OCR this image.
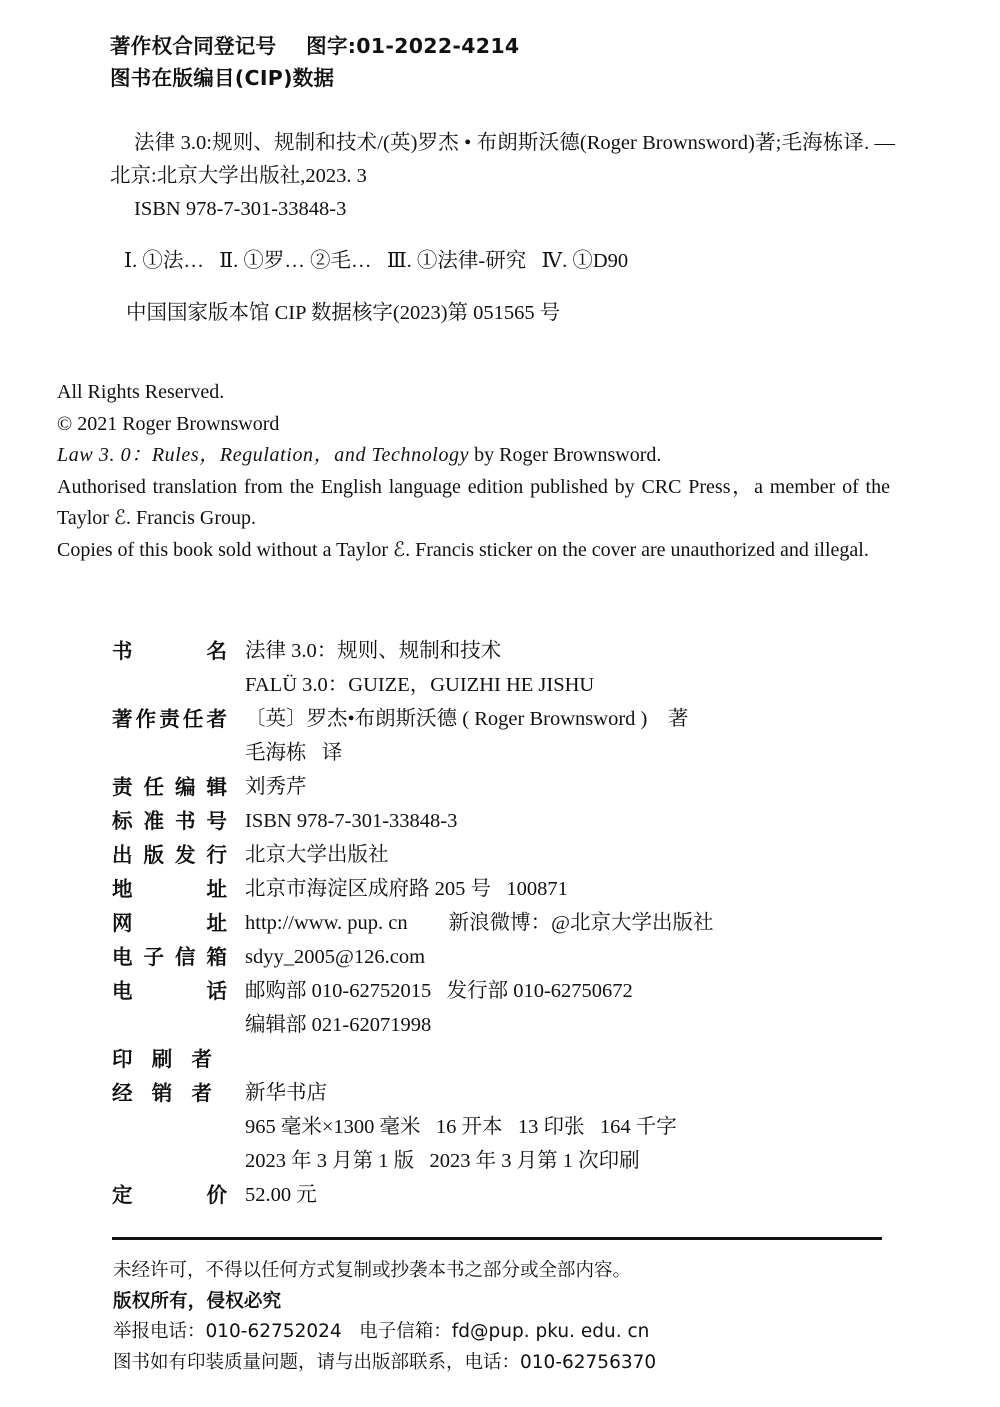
著作权合同登记号    图字:01-2022-4214
图书在版编目(CIP)数据

法律 3.0:规则、规制和技术/(英)罗杰 • 布朗斯沃德(Roger Brownsword)著;毛海栋译. —北京:北京大学出版社,2023. 3

ISBN 978-7-301-33848-3

Ⅰ. ①法…   Ⅱ. ①罗… ②毛…   Ⅲ. ①法律-研究   Ⅳ. ①D90

中国国家版本馆 CIP 数据核字(2023)第 051565 号

All Rights Reserved.

© 2021 Roger Brownsword

Law 3. 0：Rules，Regulation，and Technology by Roger Brownsword.

Authorised translation from the English language edition published by CRC Press，a member of the Taylor ℰ. Francis Group.

Copies of this book sold without a Taylor ℰ. Francis sticker on the cover are unauthorized and illegal.

书	名 法律 3.0：规则、规制和技术
FALÜ 3.0：GUIZE，GUIZHI HE JISHU
著 作 责 任 者 〔英〕罗杰•布朗斯沃德 ( Roger Brownsword )    著
毛海栋   译
责 任 编 辑 刘秀芹
标 准 书 号 ISBN 978-7-301-33848-3
出 版 发 行 北京大学出版社
地	址 北京市海淀区成府路 205 号   100871
网	址 http://www. pup. cn        新浪微博：@北京大学出版社
电 子 信 箱 sdyy_2005@126.com
电	话 邮购部 010-62752015   发行部 010-62750672
编辑部 021-62071998
印 刷 者
经 销 者 新华书店
965 毫米×1300 毫米   16 开本   13 印张   164 千字
2023 年 3 月第 1 版   2023 年 3 月第 1 次印刷
定	价 52.00 元

未经许可，不得以任何方式复制或抄袭本书之部分或全部内容。

版权所有，侵权必究

举报电话：010-62752024   电子信箱：fd@pup. pku. edu. cn

图书如有印装质量问题，请与出版部联系，电话：010-62756370
